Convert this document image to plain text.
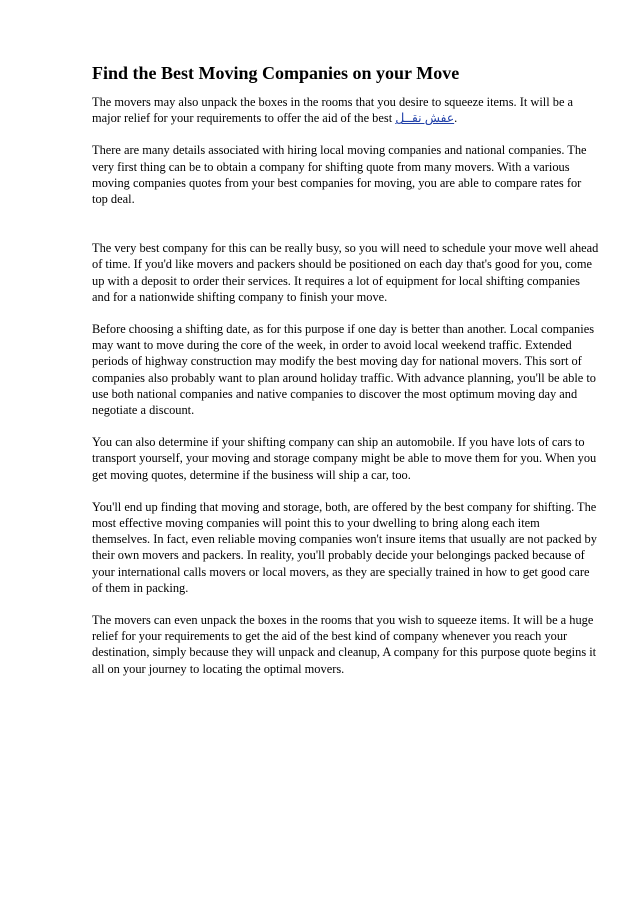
Find the Best Moving Companies on your Move

The movers may also unpack the boxes in the rooms that you desire to squeeze items. It will be a major relief for your requirements to offer the aid of the best عفش نقــل.

There are many details associated with hiring local moving companies and national companies. The very first thing can be to obtain a company for shifting quote from many movers. With a various moving companies quotes from your best companies for moving, you are able to compare rates for top deal.

The very best company for this can be really busy, so you will need to schedule your move well ahead of time. If you'd like movers and packers should be positioned on each day that's good for you, come up with a deposit to order their services. It requires a lot of equipment for local shifting companies and for a nationwide shifting company to finish your move.

Before choosing a shifting date, as for this purpose if one day is better than another. Local companies may want to move during the core of the week, in order to avoid local weekend traffic. Extended periods of highway construction may modify the best moving day for national movers. This sort of companies also probably want to plan around holiday traffic. With advance planning, you'll be able to use both national companies and native companies to discover the most optimum moving day and negotiate a discount.

You can also determine if your shifting company can ship an automobile. If you have lots of cars to transport yourself, your moving and storage company might be able to move them for you. When you get moving quotes, determine if the business will ship a car, too.

You'll end up finding that moving and storage, both, are offered by the best company for shifting. The most effective moving companies will point this to your dwelling to bring along each item themselves. In fact, even reliable moving companies won't insure items that usually are not packed by their own movers and packers. In reality, you'll probably decide your belongings packed because of your international calls movers or local movers, as they are specially trained in how to get good care of them in packing.

The movers can even unpack the boxes in the rooms that you wish to squeeze items. It will be a huge relief for your requirements to get the aid of the best kind of company whenever you reach your destination, simply because they will unpack and cleanup, A company for this purpose quote begins it all on your journey to locating the optimal movers.
